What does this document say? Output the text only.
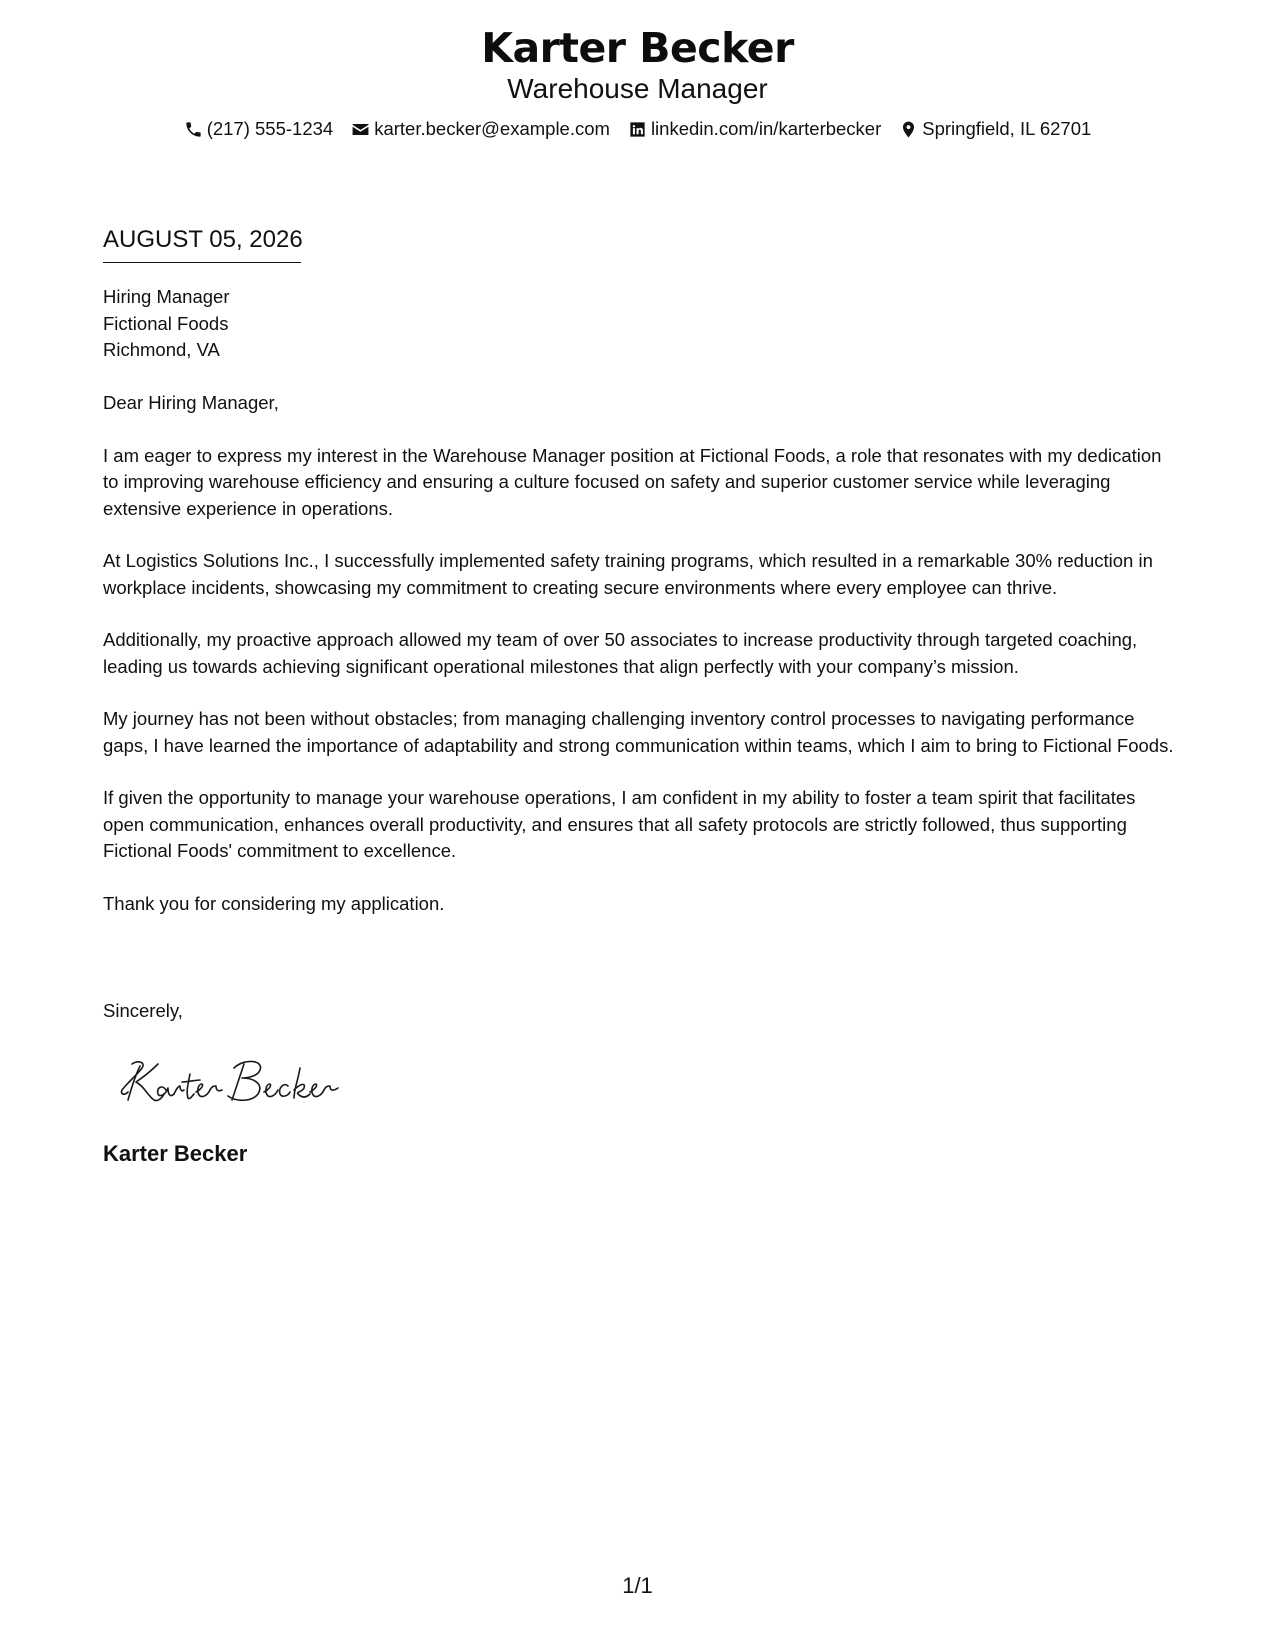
Karter Becker
Warehouse Manager
(217) 555-1234 karter.becker@example.com linkedin.com/in/karterbecker Springfield, IL 62701
AUGUST 05, 2026
Hiring Manager
Fictional Foods
Richmond, VA

Dear Hiring Manager,

I am eager to express my interest in the Warehouse Manager position at Fictional Foods, a role that resonates with my dedication to improving warehouse efficiency and ensuring a culture focused on safety and superior customer service while leveraging extensive experience in operations.

At Logistics Solutions Inc., I successfully implemented safety training programs, which resulted in a remarkable 30% reduction in workplace incidents, showcasing my commitment to creating secure environments where every employee can thrive.

Additionally, my proactive approach allowed my team of over 50 associates to increase productivity through targeted coaching, leading us towards achieving significant operational milestones that align perfectly with your company’s mission.

My journey has not been without obstacles; from managing challenging inventory control processes to navigating performance gaps, I have learned the importance of adaptability and strong communication within teams, which I aim to bring to Fictional Foods.

If given the opportunity to manage your warehouse operations, I am confident in my ability to foster a team spirit that facilitates open communication, enhances overall productivity, and ensures that all safety protocols are strictly followed, thus supporting Fictional Foods' commitment to excellence.

Thank you for considering my application.

Sincerely,
Karter Becker
1/1
